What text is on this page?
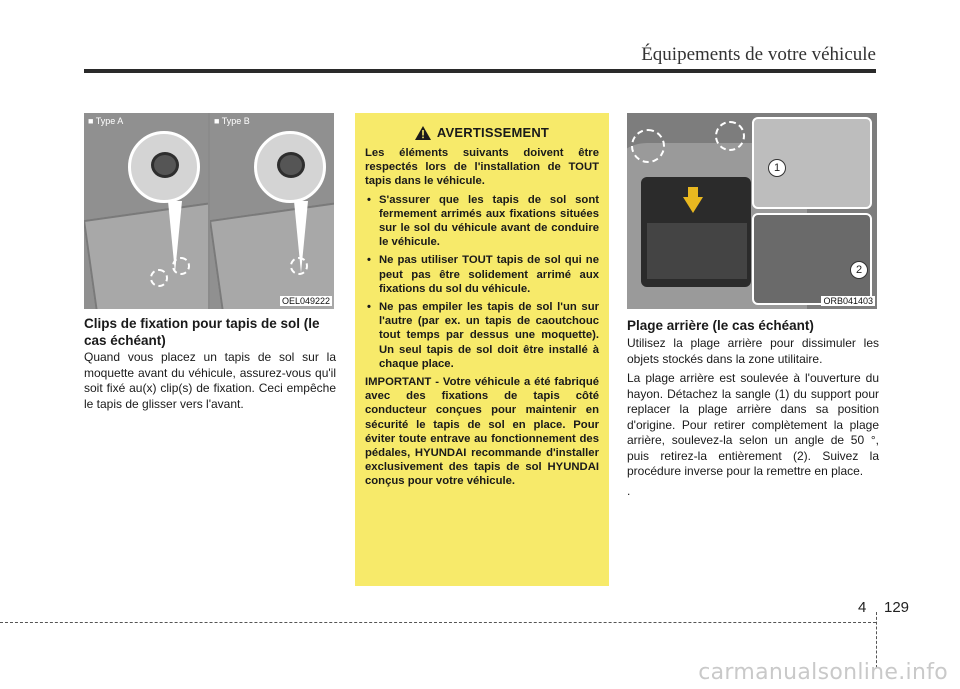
Équipements de votre véhicule
■ Type A	■ Type B
OEL049222
Clips de fixation pour tapis de sol (le cas échéant)
Quand vous placez un tapis de sol sur la moquette avant du véhicule, assurez-vous qu'il soit fixé au(x) clip(s) de fixation. Ceci empêche le tapis de glisser vers l'avant.
AVERTISSEMENT
Les éléments suivants doivent être respectés lors de l'installation de TOUT tapis dans le véhicule.
• S'assurer que les tapis de sol sont fermement arrimés aux fixations situées sur le sol du véhicule avant de conduire le véhicule.
• Ne pas utiliser TOUT tapis de sol qui ne peut pas être solidement arrimé aux fixations du sol du véhicule.
• Ne pas empiler les tapis de sol l'un sur l'autre (par ex. un tapis de caoutchouc tout temps par dessus une moquette). Un seul tapis de sol doit être installé à chaque place.
IMPORTANT - Votre véhicule a été fabriqué avec des fixations de tapis côté conducteur conçues pour maintenir en sécurité le tapis de sol en place. Pour éviter toute entrave au fonctionnement des pédales, HYUNDAI recommande d'installer exclusivement des tapis de sol HYUNDAI conçus pour votre véhicule.
1
2
ORB041403
Plage arrière (le cas échéant)

Utilisez la plage arrière pour dissimuler les objets stockés dans la zone utilitaire.

La plage arrière est soulevée à l'ouverture du hayon. Détachez la sangle (1) du support pour replacer la plage arrière dans sa position d'origine. Pour retirer complètement la plage arrière, soulevez-la selon un angle de 50 °, puis retirez-la entièrement (2). Suivez la procédure inverse pour la remettre en place.

.

4 129
carmanualsonline.info
